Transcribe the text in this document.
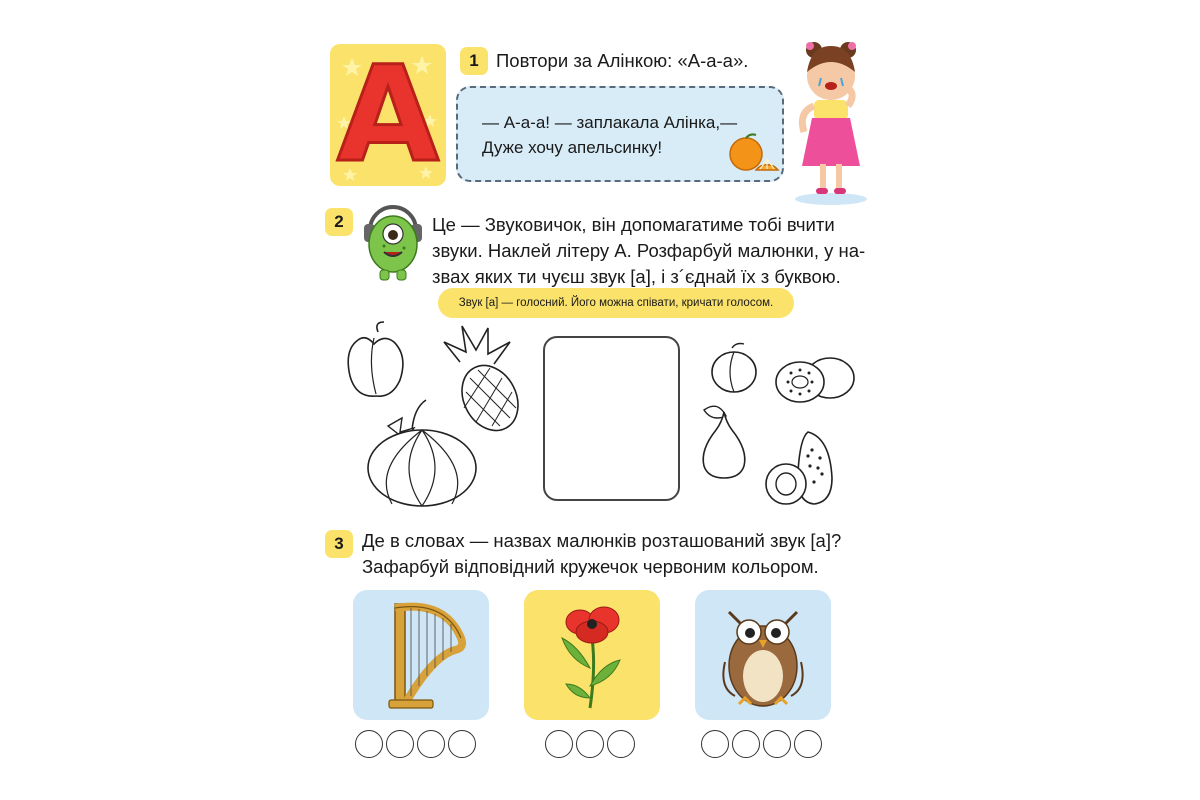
A	1 Повтори за Алінкою: «А-а-а».
— А-а-а! — заплакала Алінка,—
Дуже хочу апельсинку!
2	Це — Звуковичок, він допомагатиме тобі вчити
звуки. Наклей літеру А. Розфарбуй малюнки, у на-
звах яких ти чуєш звук [а], і з´єднай їх з буквою.
Звук [а] — голосний. Його можна співати, кричати голосом.
3 Де в словах — назвах малюнків розташований звук [а]?
Зафарбуй відповідний кружечок червоним кольором.
